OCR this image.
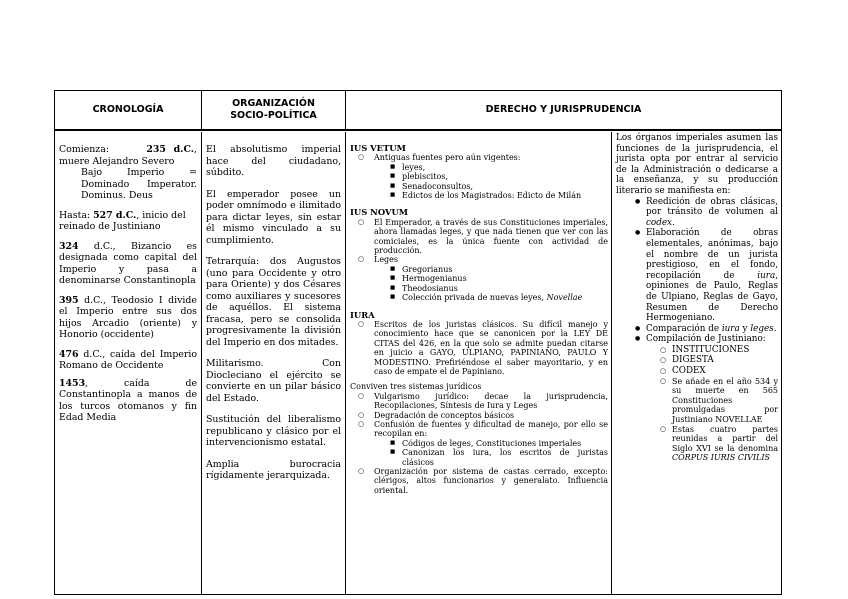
CRONOLOGÍA
ORGANIZACIÓN
SOCIO-POLÍTICA
DERECHO Y JURISPRUDENCIA

Comienza:	235 d.C., muere Alejandro Severo

Bajo Imperio = Dominado Imperator. Dominus. Deus

Hasta: 527 d.C., inicio del reinado de Justiniano

324 d.C., Bizancio es designada como capital del Imperio y pasa a denominarse Constantinopla

395 d.C., Teodosio I divide el Imperio entre sus dos hijos Arcadio (oriente) y Honorio (occidente)

476 d.C., caída del Imperio Romano de Occidente

1453, caída de Constantinopla a manos de los turcos otomanos y fin Edad Media

El absolutismo imperial hace del ciudadano, súbdito.

El emperador posee un poder omnímodo e ilimitado para dictar leyes, sin estar él mismo vinculado a su cumplimiento.

Tetrarquía: dos Augustos (uno para Occidente y otro para Oriente) y dos Césares como auxiliares y sucesores de aquéllos. El sistema fracasa, pero se consolida progresivamente la división del Imperio en dos mitades.

Militarismo. Con Diocleciano el ejército se convierte en un pilar básico del Estado.

Sustitución del liberalismo republicano y clásico por el intervencionismo estatal.

Amplia burocracia rígidamente jerarquizada.

IUS VETUM

○ Antiguas fuentes pero aún vigentes:
■ leyes,
■ plebiscitos,
■ Senadoconsultos,
■ Edictos de los Magistrados: Edicto de Milán

IUS NOVUM

○ El Emperador, a través de sus Constituciones imperiales, ahora llamadas leges, y que nada tienen que ver con las comiciales, es la única fuente con actividad de producción.
○ Leges
■ Gregorianus
■ Hermogenianus
■ Theodosianus
■ Colección privada de nuevas leyes, Novellae

IURA

○ Escritos de los juristas clásicos. Su difícil manejo y conocimiento hace que se canonicen por la LEY DE CITAS del 426, en la que solo se admite puedan citarse en juicio a GAYO, ULPIANO, PAPINIANO, PAULO Y MODESTINO. Prefiriéndose el saber mayoritario, y en caso de empate el de Papiniano.

Conviven tres sistemas jurídicos

○ Vulgarismo jurídico: decae la jurisprudencia, Recopilaciones, Síntesis de Iura y Leges
○ Degradación de conceptos básicos
○ Confusión de fuentes y dificultad de manejo, por ello se recopilan en:
■ Códigos de leges, Constituciones imperiales
■ Canonizan los iura, los escritos de juristas clásicos
○ Organización por sistema de castas cerrado, excepto: clérigos, altos funcionarios y generalato. Influencia oriental.

Los órganos imperiales asumen las funciones de la jurisprudencia, el jurista opta por entrar al servicio de la Administración o dedicarse a la enseñanza, y su producción literario se manifiesta en:

● Reedición de obras clásicas, por tránsito de volumen al codex.
● Elaboración de obras elementales, anónimas, bajo el nombre de un jurista prestigioso, en el fondo, recopilación de iura, opiniones de Paulo, Reglas de Ulpiano, Reglas de Gayo, Resumen de Derecho Hermogeniano.
● Comparación de iura y leges.
● Compilación de Justiniano:
○ INSTITUCIONES
○ DIGESTA
○ CODEX
○ Se añade en el año 534 y su muerte en 565 Constituciones promulgadas por Justiniano NOVELLAE
○ Estas cuatro partes reunidas a partir del Siglo XVI se la denomina CORPUS IURIS CIVILIS
